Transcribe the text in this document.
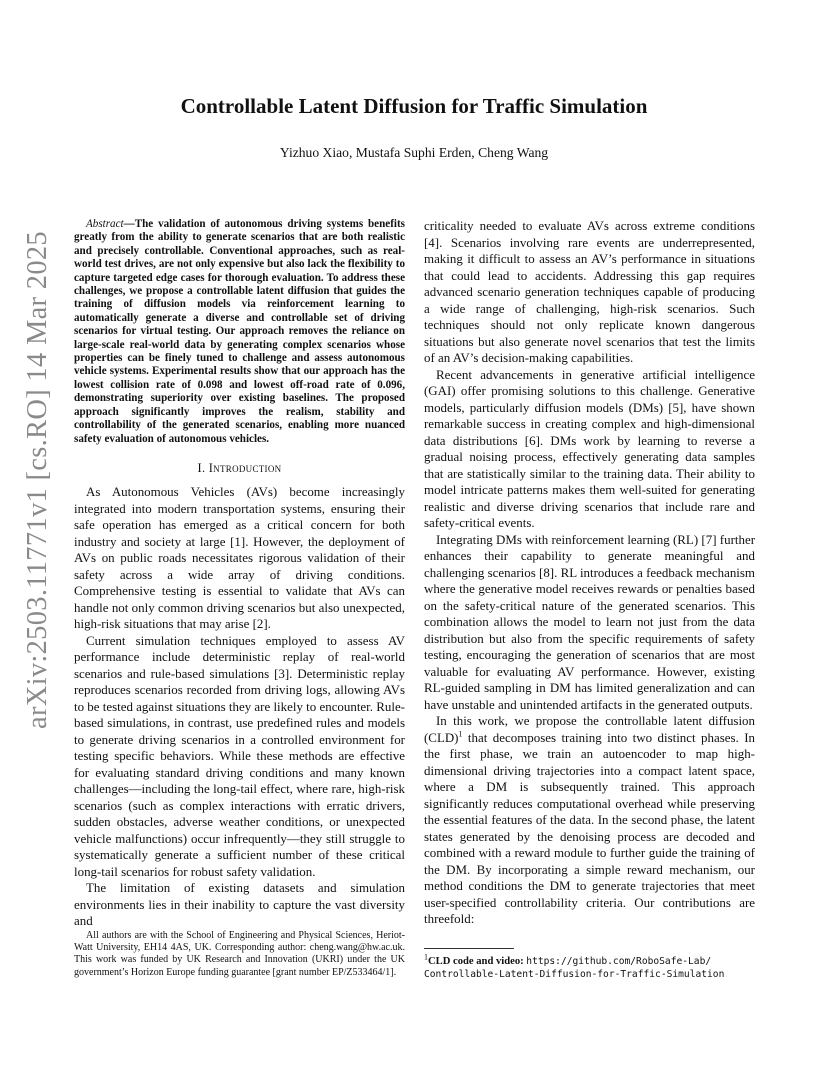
arXiv:2503.11771v1 [cs.RO] 14 Mar 2025
Controllable Latent Diffusion for Traffic Simulation
Yizhuo Xiao, Mustafa Suphi Erden, Cheng Wang

Abstract—The validation of autonomous driving systems benefits greatly from the ability to generate scenarios that are both realistic and precisely controllable. Conventional approaches, such as real-world test drives, are not only expensive but also lack the flexibility to capture targeted edge cases for thorough evaluation. To address these challenges, we propose a controllable latent diffusion that guides the training of diffusion models via reinforcement learning to automatically generate a diverse and controllable set of driving scenarios for virtual testing. Our approach removes the reliance on large-scale real-world data by generating complex scenarios whose properties can be finely tuned to challenge and assess autonomous vehicle systems. Experimental results show that our approach has the lowest collision rate of 0.098 and lowest off-road rate of 0.096, demonstrating superiority over existing baselines. The proposed approach significantly improves the realism, stability and controllability of the generated scenarios, enabling more nuanced safety evaluation of autonomous vehicles.

I. Introduction

As Autonomous Vehicles (AVs) become increasingly integrated into modern transportation systems, ensuring their safe operation has emerged as a critical concern for both industry and society at large [1]. However, the deployment of AVs on public roads necessitates rigorous validation of their safety across a wide array of driving conditions. Comprehensive testing is essential to validate that AVs can handle not only common driving scenarios but also unexpected, high-risk situations that may arise [2].

Current simulation techniques employed to assess AV performance include deterministic replay of real-world scenarios and rule-based simulations [3]. Deterministic replay reproduces scenarios recorded from driving logs, allowing AVs to be tested against situations they are likely to encounter. Rule-based simulations, in contrast, use predefined rules and models to generate driving scenarios in a controlled environment for testing specific behaviors. While these methods are effective for evaluating standard driving conditions and many known challenges—including the long-tail effect, where rare, high-risk scenarios (such as complex interactions with erratic drivers, sudden obstacles, adverse weather conditions, or unexpected vehicle malfunctions) occur infrequently—they still struggle to systematically generate a sufficient number of these critical long-tail scenarios for robust safety validation.

The limitation of existing datasets and simulation environments lies in their inability to capture the vast diversity and

All authors are with the School of Engineering and Physical Sciences, Heriot-Watt University, EH14 4AS, UK. Corresponding author: cheng.wang@hw.ac.uk. This work was funded by UK Research and Innovation (UKRI) under the UK government’s Horizon Europe funding guarantee [grant number EP/Z533464/1].

criticality needed to evaluate AVs across extreme conditions [4]. Scenarios involving rare events are underrepresented, making it difficult to assess an AV’s performance in situations that could lead to accidents. Addressing this gap requires advanced scenario generation techniques capable of producing a wide range of challenging, high-risk scenarios. Such techniques should not only replicate known dangerous situations but also generate novel scenarios that test the limits of an AV’s decision-making capabilities.

Recent advancements in generative artificial intelligence (GAI) offer promising solutions to this challenge. Generative models, particularly diffusion models (DMs) [5], have shown remarkable success in creating complex and high-dimensional data distributions [6]. DMs work by learning to reverse a gradual noising process, effectively generating data samples that are statistically similar to the training data. Their ability to model intricate patterns makes them well-suited for generating realistic and diverse driving scenarios that include rare and safety-critical events.

Integrating DMs with reinforcement learning (RL) [7] further enhances their capability to generate meaningful and challenging scenarios [8]. RL introduces a feedback mechanism where the generative model receives rewards or penalties based on the safety-critical nature of the generated scenarios. This combination allows the model to learn not just from the data distribution but also from the specific requirements of safety testing, encouraging the generation of scenarios that are most valuable for evaluating AV performance. However, existing RL-guided sampling in DM has limited generalization and can have unstable and unintended artifacts in the generated outputs.

In this work, we propose the controllable latent diffusion (CLD)$^1$ that decomposes training into two distinct phases. In the first phase, we train an autoencoder to map high-dimensional driving trajectories into a compact latent space, where a DM is subsequently trained. This approach significantly reduces computational overhead while preserving the essential features of the data. In the second phase, the latent states generated by the denoising process are decoded and combined with a reward module to further guide the training of the DM. By incorporating a simple reward mechanism, our method conditions the DM to generate trajectories that meet user-specified controllability criteria. Our contributions are threefold:

$^1$CLD code and video: https://github.com/RoboSafe-Lab/
Controllable-Latent-Diffusion-for-Traffic-Simulation
